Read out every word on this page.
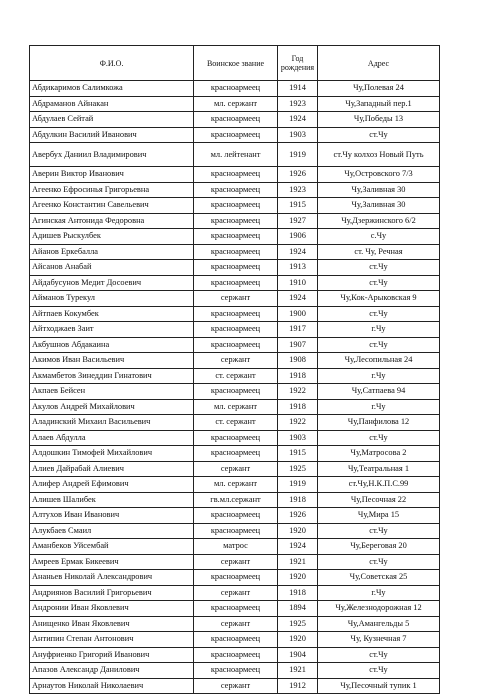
Ф.И.О.	Воинское звание	Год рождения	Адрес
Абдикаримов Салимкожа	красноармеец	1914	Чу,Полевая 24
Абдраманов Айнакан	мл. сержант	1923	Чу,Западный пер.1
Абдулаев Сейтай	красноармеец	1924	Чу,Победы 13
Абдулкин Василий Иванович	красноармеец	1903	ст.Чу
Авербух Даниил Владимирович	мл. лейтенант	1919	ст.Чу колхоз Новый Путь
Аверин Виктор Иванович	красноармеец	1926	Чу,Островского 7/3
Агеенко Ефросинья Григорьевна	красноармеец	1923	Чу,Заливная 30
Агеенко Константин Савельевич	красноармеец	1915	Чу,Заливная 30
Агинская Антонида Федоровна	красноармеец	1927	Чу,Дзержинского 6/2
Адишев Рыскулбек	красноармеец	1906	с.Чу
Айанов Еркебалла	красноармеец	1924	ст. Чу, Речная
Айсанов Анабай	красноармеец	1913	ст.Чу
Айдабусунов Медит Досоевич	красноармеец	1910	ст.Чу
Айманов Турекул	сержант	1924	Чу,Кок-Арыковская 9
Айтпаев Кокумбек	красноармеец	1900	ст.Чу
Айтходжаев Заит	красноармеец	1917	г.Чу
Акбушнов Абдакаина	красноармеец	1907	ст.Чу
Акимов Иван Васильевич	сержант	1908	Чу,Лесопильная 24
Акмамбетов Зинеддин Гинатович	ст. сержант	1918	г.Чу
Акпаев Бейсен	красноармеец	1922	Чу,Сатпаева 94
Акулов Андрей Михайлович	мл. сержант	1918	г.Чу
Аладинский Михаил Васильевич	ст. сержант	1922	Чу,Панфилова 12
Алаев Абдулла	красноармеец	1903	ст.Чу
Алдошкин Тимофей Михайлович	красноармеец	1915	Чу,Матросова 2
Алиев Дайрабай Алиевич	сержант	1925	Чу,Театральная 1
Алифер Андрей Ефимович	мл. сержант	1919	ст.Чу,Н.К.П.С.99
Алишев Шалибек	гв.мл.сержант	1918	Чу,Песочная 22
Алтухов Иван Иванович	красноармеец	1926	Чу,Мира 15
Алукбаев Смаил	красноармеец	1920	ст.Чу
Аманбеков Уйсембай	матрос	1924	Чу,Береговая 20
Амреев Ермак Бикеевич	сержант	1921	ст.Чу
Ананьев Николай Александрович	красноармеец	1920	Чу,Советская 25
Андриянов Василий Григорьевич	сержант	1918	г.Чу
Андронии Иван Яковлевич	красноармеец	1894	Чу,Железнодорожная 12
Анищенко Иван Яковлевич	сержант	1925	Чу,Амангельды 5
Антипин Степан Антонович	красноармеец	1920	Чу, Кузнечная 7
Ануфриенко Григорий Иванович	красноармеец	1904	ст.Чу
Апазов Александр Данилович	красноармеец	1921	ст.Чу
Арнаутов Николай Николаевич	сержант	1912	Чу,Песочный тупик 1
